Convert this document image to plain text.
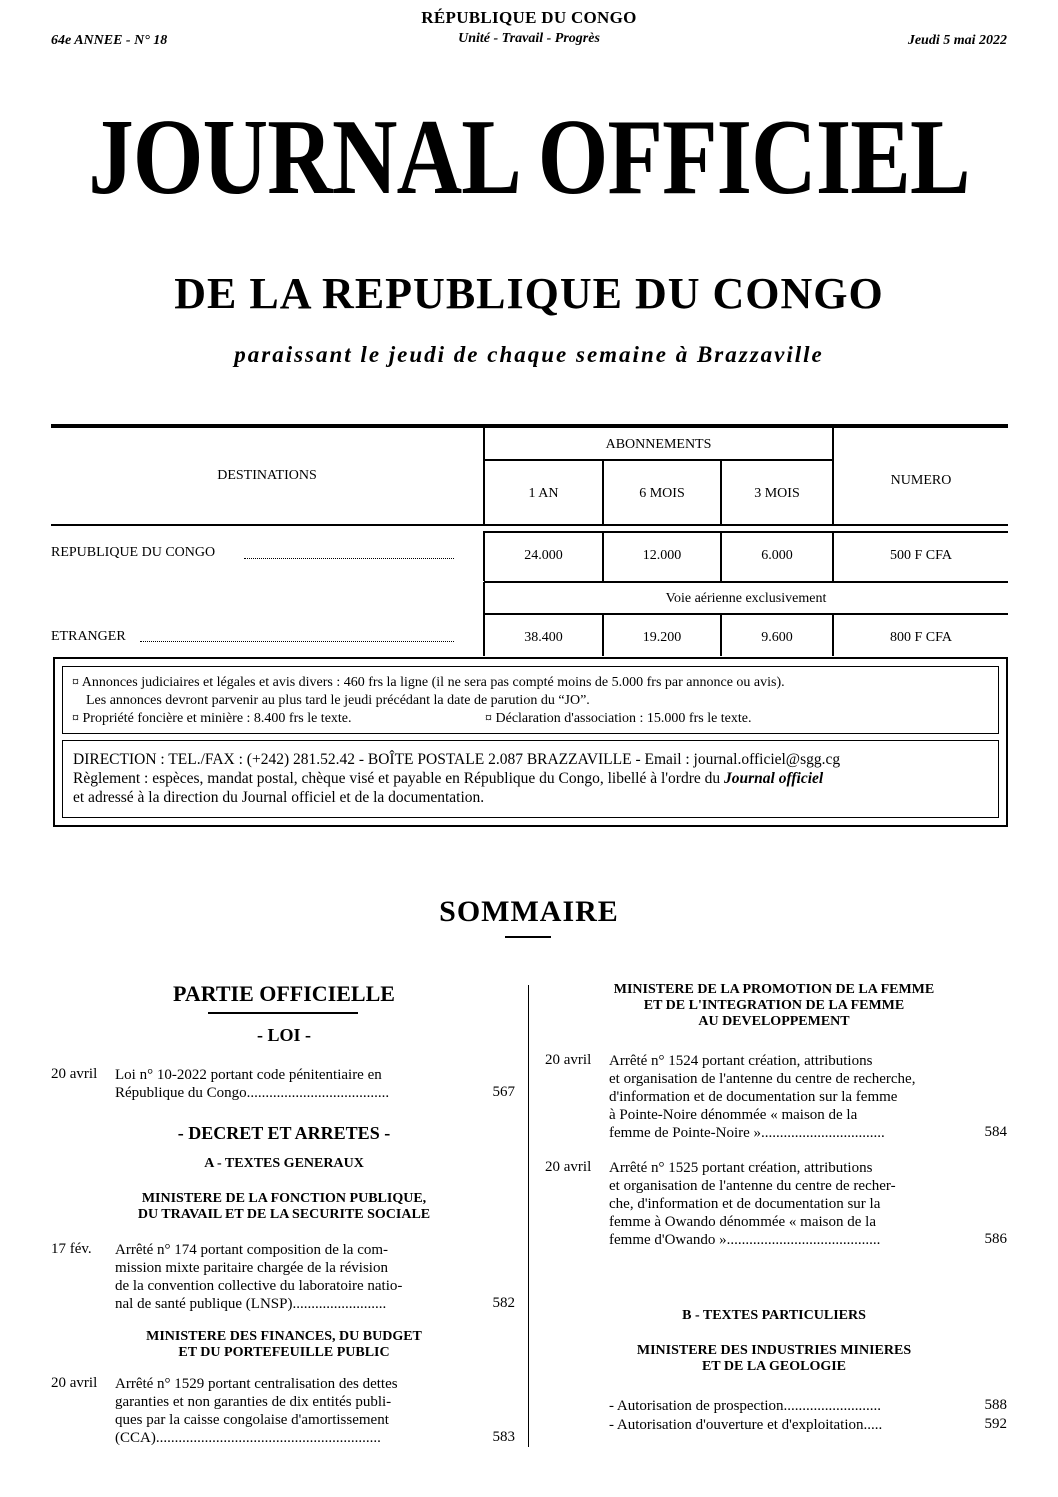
RÉPUBLIQUE DU CONGO
Unité - Travail - Progrès
64e ANNEE - N° 18	Jeudi 5 mai 2022
JOURNAL OFFICIEL
DE LA REPUBLIQUE DU CONGO
paraissant le jeudi de chaque semaine à Brazzaville
DESTINATIONS
ABONNEMENTS
NUMERO
1 AN	6 MOIS	3 MOIS
REPUBLIQUE DU CONGO	24.000	12.000	6.000	500 F CFA
Voie aérienne exclusivement
ETRANGER	38.400	19.200	9.600	800 F CFA
¤ Annonces judiciaires et légales et avis divers : 460 frs la ligne (il ne sera pas compté moins de 5.000 frs par annonce ou avis).
Les annonces devront parvenir au plus tard le jeudi précédant la date de parution du “JO”.
¤ Propriété foncière et minière : 8.400 frs le texte.	¤ Déclaration d'association : 15.000 frs le texte.
DIRECTION : TEL./FAX : (+242) 281.52.42 - BOÎTE POSTALE 2.087 BRAZZAVILLE - Email : journal.officiel@sgg.cg
Règlement : espèces, mandat postal, chèque visé et payable en République du Congo, libellé à l'ordre du Journal officiel
et adressé à la direction du Journal officiel et de la documentation.
SOMMAIRE
PARTIE OFFICIELLE
- LOI -
20 avril Loi n° 10-2022 portant code pénitentiaire en
République du Congo......................................	567
- DECRET ET ARRETES -
A - TEXTES GENERAUX
MINISTERE DE LA FONCTION PUBLIQUE,
DU TRAVAIL ET DE LA SECURITE SOCIALE
17 fév. Arrêté n° 174 portant composition de la com-
mission mixte paritaire chargée de la révision
de la convention collective du laboratoire natio-
nal de santé publique (LNSP).........................	582
MINISTERE DES FINANCES, DU BUDGET
ET DU PORTEFEUILLE PUBLIC
20 avril Arrêté n° 1529 portant centralisation des dettes
garanties et non garanties de dix entités publi-
ques par la caisse congolaise d'amortissement
(CCA)............................................................	583
MINISTERE DE LA PROMOTION DE LA FEMME
ET DE L'INTEGRATION DE LA FEMME
AU DEVELOPPEMENT
20 avril Arrêté n° 1524 portant création, attributions
et organisation de l'antenne du centre de recherche,
d'information et de documentation sur la femme
à Pointe-Noire dénommée « maison de la
femme de Pointe-Noire ».................................	584
20 avril Arrêté n° 1525 portant création, attributions
et organisation de l'antenne du centre de recher-
che, d'information et de documentation sur la
femme à Owando dénommée « maison de la
femme d'Owando ».........................................	586
B - TEXTES PARTICULIERS
MINISTERE DES INDUSTRIES MINIERES
ET DE LA GEOLOGIE
- Autorisation de prospection..........................	588
- Autorisation d'ouverture et d'exploitation.....	592
